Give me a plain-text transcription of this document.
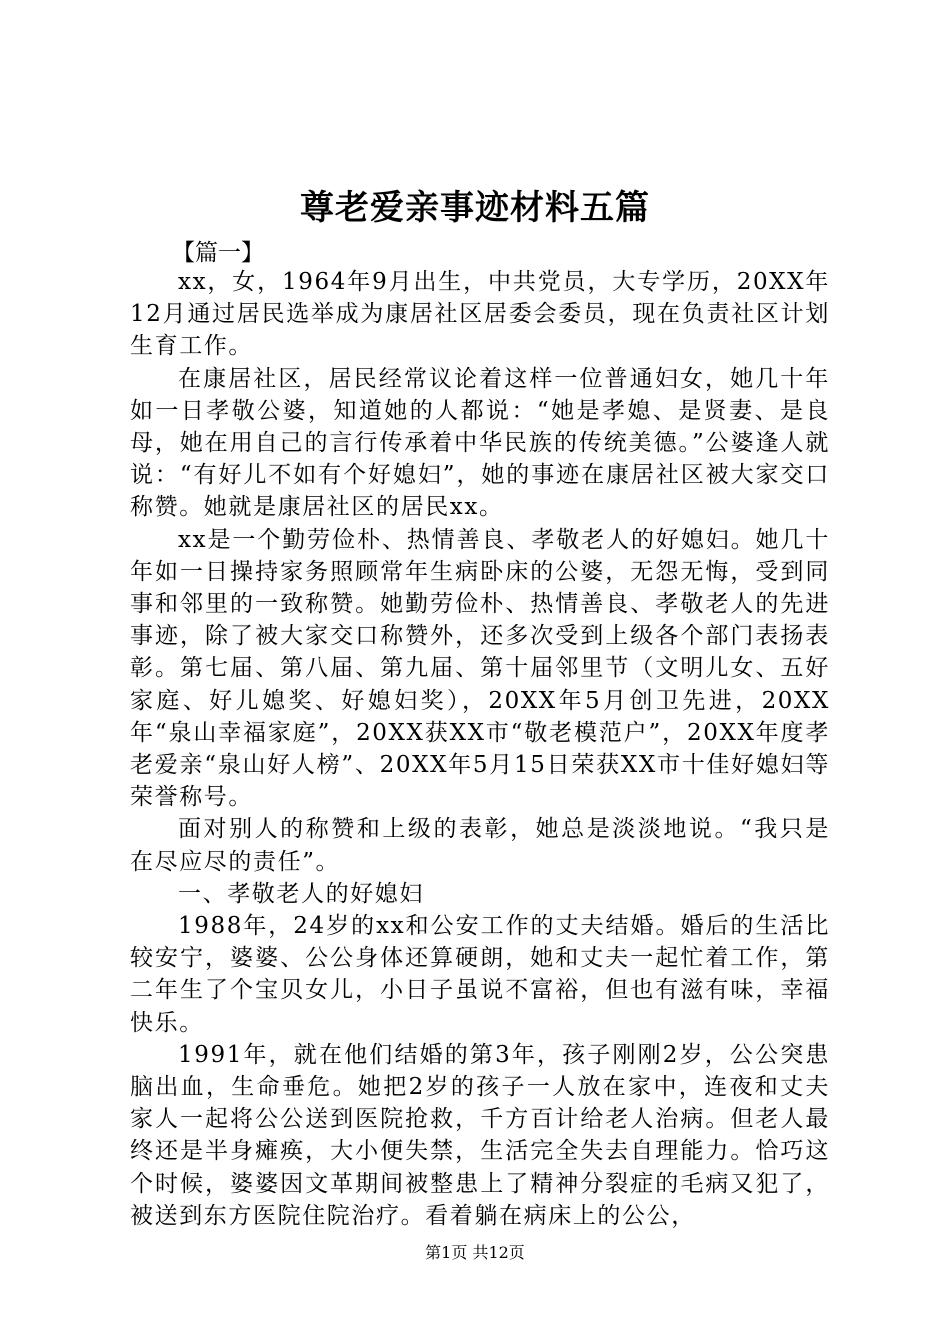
尊老爱亲事迹材料五篇
【篇一】

xx，女，1964年9月出生，中共党员，大专学历，20XX年12月通过居民选举成为康居社区居委会委员，现在负责社区计划生育工作。

在康居社区，居民经常议论着这样一位普通妇女，她几十年如一日孝敬公婆，知道她的人都说：“她是孝媳、是贤妻、是良母，她在用自己的言行传承着中华民族的传统美德。”公婆逢人就说：“有好儿不如有个好媳妇”，她的事迹在康居社区被大家交口称赞。她就是康居社区的居民xx。

xx是一个勤劳俭朴、热情善良、孝敬老人的好媳妇。她几十年如一日操持家务照顾常年生病卧床的公婆，无怨无悔，受到同事和邻里的一致称赞。她勤劳俭朴、热情善良、孝敬老人的先进事迹，除了被大家交口称赞外，还多次受到上级各个部门表扬表彰。第七届、第八届、第九届、第十届邻里节（文明儿女、五好家庭、好儿媳奖、好媳妇奖），20XX年5月创卫先进，20XX年“泉山幸福家庭”，20XX获XX市“敬老模范户”，20XX年度孝老爱亲“泉山好人榜”、20XX年5月15日荣获XX市十佳好媳妇等荣誉称号。

面对别人的称赞和上级的表彰，她总是淡淡地说。“我只是在尽应尽的责任”。

一、孝敬老人的好媳妇

1988年，24岁的xx和公安工作的丈夫结婚。婚后的生活比较安宁，婆婆、公公身体还算硬朗，她和丈夫一起忙着工作，第二年生了个宝贝女儿，小日子虽说不富裕，但也有滋有味，幸福快乐。

1991年，就在他们结婚的第3年，孩子刚刚2岁，公公突患脑出血，生命垂危。她把2岁的孩子一人放在家中，连夜和丈夫家人一起将公公送到医院抢救，千方百计给老人治病。但老人最终还是半身瘫痪，大小便失禁，生活完全失去自理能力。恰巧这个时候，婆婆因文革期间被整患上了精神分裂症的毛病又犯了，被送到东方医院住院治疗。看着躺在病床上的公公，

第1页 共12页
